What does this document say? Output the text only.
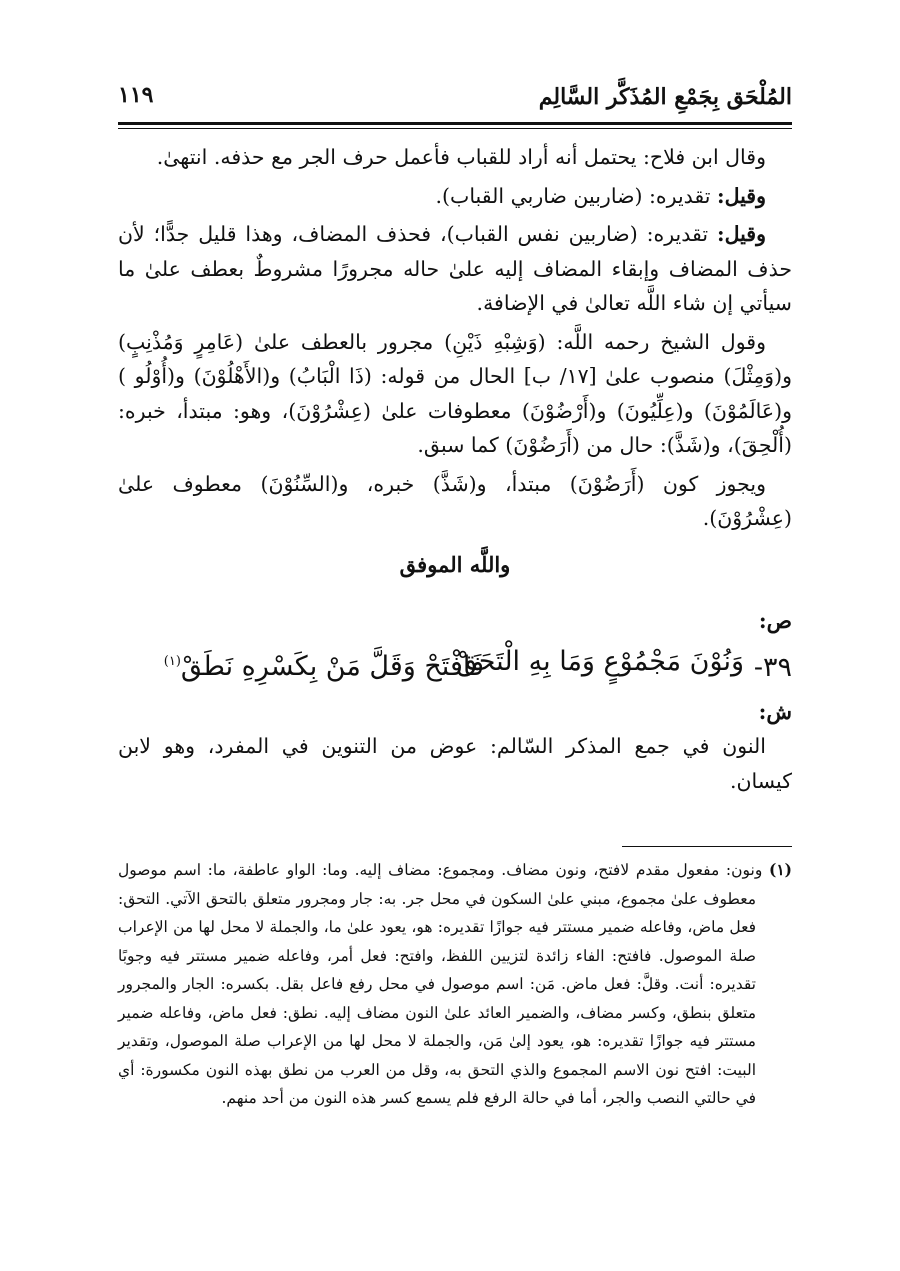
المُلْحَق بِجَمْعِ المُذَكَّر السَّالِم
١١٩

وقال ابن فلاح: يحتمل أنه أراد للقباب فأعمل حرف الجر مع حذفه. انتهىٰ.

وقيل: تقديره: (ضاربين ضاربي القباب).

وقيل: تقديره: (ضاربين نفس القباب)، فحذف المضاف، وهذا قليل جدًّا؛ لأن حذف المضاف وإبقاء المضاف إليه علىٰ حاله مجرورًا مشروطٌ بعطف علىٰ ما سيأتي إن شاء اللَّه تعالىٰ في الإضافة.

وقول الشيخ رحمه اللَّه: (وَشِبْهِ ذَيْنِ) مجرور بالعطف علىٰ (عَامِرٍ وَمُذْنِبٍ) و(وَمِثْلَ) منصوب علىٰ [١٧/ ب] الحال من قوله: (ذَا الْبَابُ) و(الأَهْلُوْنَ) و(أُوْلُو ) و(عَالَمُوْنَ) و(عِلِّيُونَ) و(أَرْضُوْنَ) معطوفات علىٰ (عِشْرُوْنَ)، وهو: مبتدأ، خبره: (أُلْحِقَ)، و(شَذَّ): حال من (أَرَضُوْنَ) كما سبق.

ويجوز كون (أَرَضُوْنَ) مبتدأ، و(شَذَّ) خبره، و(السِّنُوْنَ) معطوف علىٰ (عِشْرُوْنَ).

واللَّه الموفق

ص:

٣٩-
وَنُوْنَ مَجْمُوْعٍ وَمَا بِهِ الْتَحَقْ
فَافْتَحْ وَقَلَّ مَنْ بِكَسْرِهِ نَطَقْ$^{(١)}$

ش:

النون في جمع المذكر السّالم: عوض من التنوين في المفرد، وهو لابن كيسان.

(١) ونون: مفعول مقدم لافتح، ونون مضاف. ومجموع: مضاف إليه. وما: الواو عاطفة، ما: اسم موصول معطوف علىٰ مجموع، مبني علىٰ السكون في محل جر. به: جار ومجرور متعلق بالتحق الآتي. التحق: فعل ماض، وفاعله ضمير مستتر فيه جوازًا تقديره: هو، يعود علىٰ ما، والجملة لا محل لها من الإعراب صلة الموصول. فافتح: الفاء زائدة لتزيين اللفظ، وافتح: فعل أمر، وفاعله ضمير مستتر فيه وجوبًا تقديره: أنت. وقلَّ: فعل ماض. مَن: اسم موصول في محل رفع فاعل بقل. بكسره: الجار والمجرور متعلق بنطق، وكسر مضاف، والضمير العائد علىٰ النون مضاف إليه. نطق: فعل ماض، وفاعله ضمير مستتر فيه جوازًا تقديره: هو، يعود إلىٰ مَن، والجملة لا محل لها من الإعراب صلة الموصول، وتقدير البيت: افتح نون الاسم المجموع والذي التحق به، وقل من العرب من نطق بهذه النون مكسورة: أي في حالتي النصب والجر، أما في حالة الرفع فلم يسمع كسر هذه النون من أحد منهم.
